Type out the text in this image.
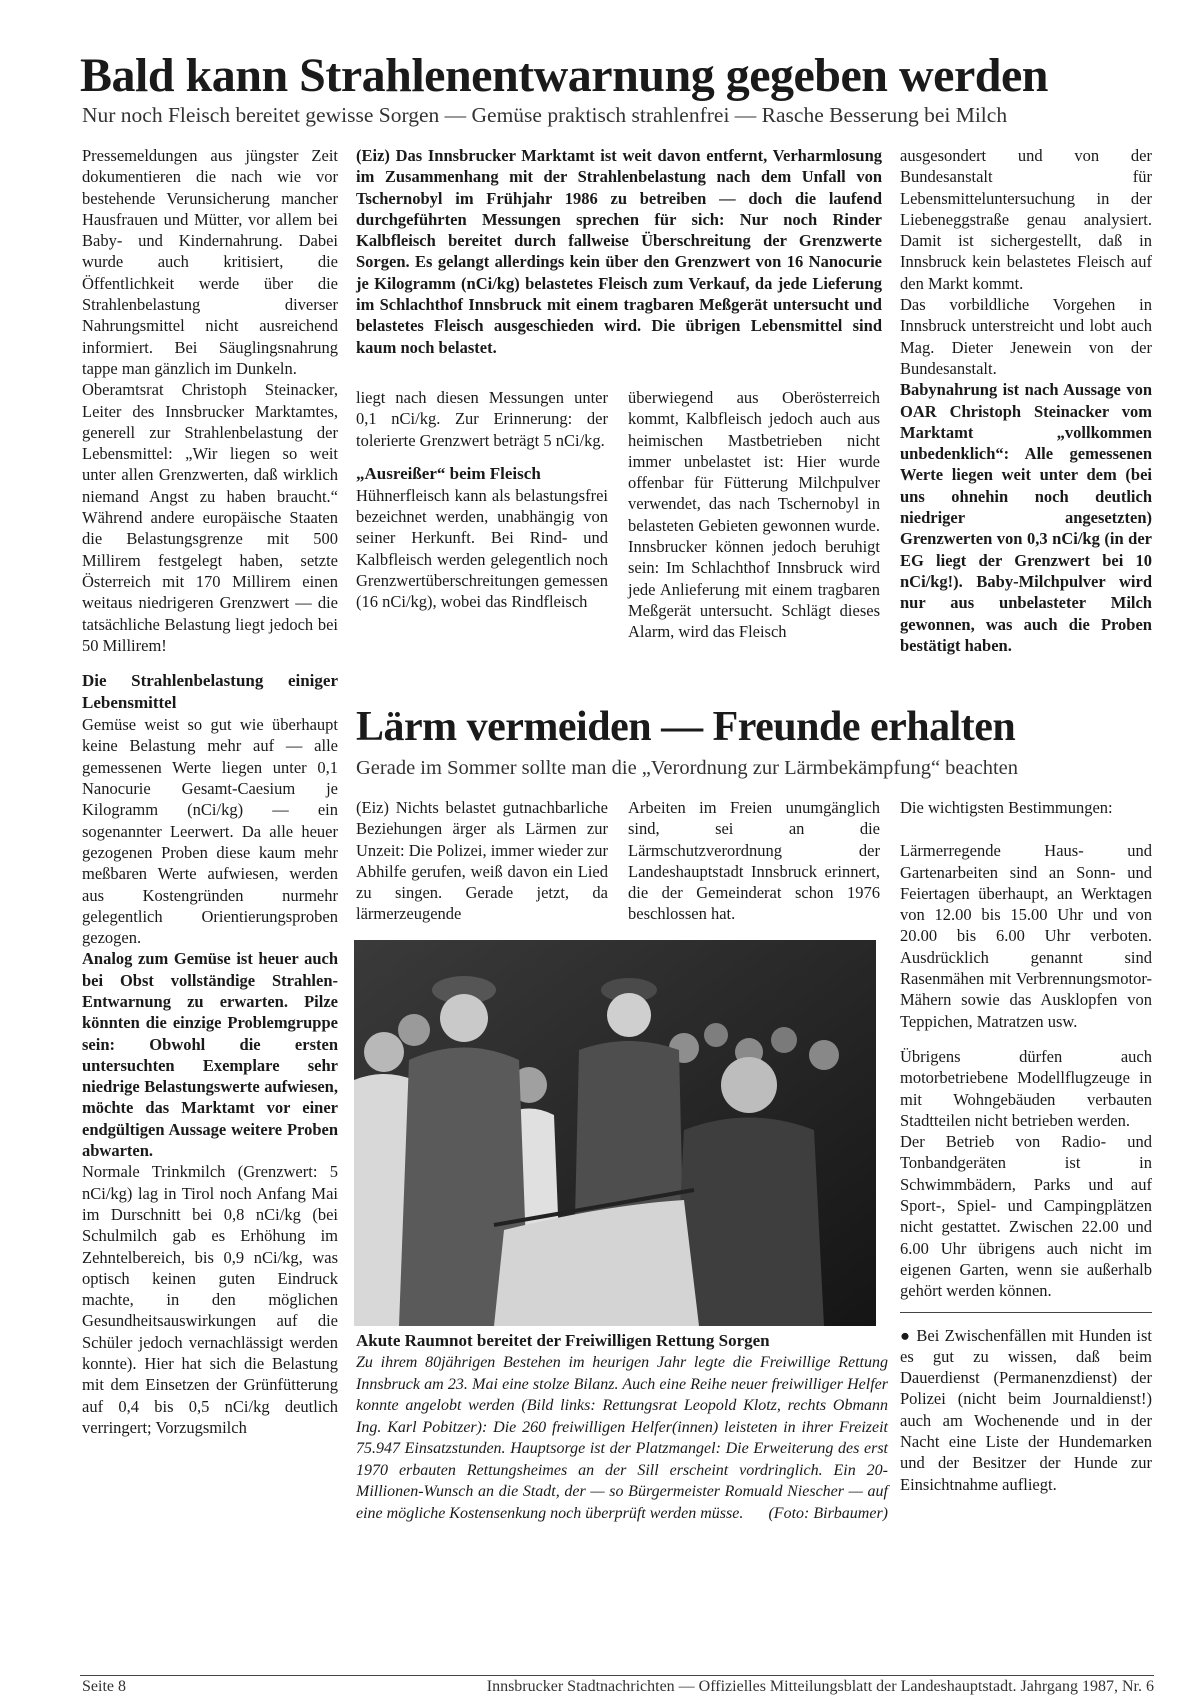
Bald kann Strahlenentwarnung gegeben werden
Nur noch Fleisch bereitet gewisse Sorgen — Gemüse praktisch strahlenfrei — Rasche Besserung bei Milch

Pressemeldungen aus jüngster Zeit dokumentieren die nach wie vor bestehende Verunsicherung mancher Hausfrauen und Mütter, vor allem bei Baby- und Kindernahrung. Dabei wurde auch kritisiert, die Öffentlichkeit werde über die Strahlenbelastung diverser Nahrungsmittel nicht ausreichend informiert. Bei Säuglingsnahrung tappe man gänzlich im Dunkeln.

Oberamtsrat Christoph Steinacker, Leiter des Innsbrucker Marktamtes, generell zur Strahlenbelastung der Lebensmittel: „Wir liegen so weit unter allen Grenzwerten, daß wirklich niemand Angst zu haben braucht.“ Während andere europäische Staaten die Belastungsgrenze mit 500 Millirem festgelegt haben, setzte Österreich mit 170 Millirem einen weitaus niedrigeren Grenzwert — die tatsächliche Belastung liegt jedoch bei 50 Millirem!

Die Strahlenbelastung einiger Lebensmittel

Gemüse weist so gut wie überhaupt keine Belastung mehr auf — alle gemessenen Werte liegen unter 0,1 Nanocurie Gesamt-Caesium je Kilogramm (nCi/kg) — ein sogenannter Leerwert. Da alle heuer gezogenen Proben diese kaum mehr meßbaren Werte aufwiesen, werden aus Kostengründen nurmehr gelegentlich Orientierungsproben gezogen.

Analog zum Gemüse ist heuer auch bei Obst vollständige Strahlen-Entwarnung zu erwarten. Pilze könnten die einzige Problemgruppe sein: Obwohl die ersten untersuchten Exemplare sehr niedrige Belastungswerte aufwiesen, möchte das Marktamt vor einer endgültigen Aussage weitere Proben abwarten.

Normale Trinkmilch (Grenzwert: 5 nCi/kg) lag in Tirol noch Anfang Mai im Durschnitt bei 0,8 nCi/kg (bei Schulmilch gab es Erhöhung im Zehntelbereich, bis 0,9 nCi/kg, was optisch keinen guten Eindruck machte, in den möglichen Gesundheitsauswirkungen auf die Schüler jedoch vernachlässigt werden konnte). Hier hat sich die Belastung mit dem Einsetzen der Grünfütterung auf 0,4 bis 0,5 nCi/kg deutlich verringert; Vorzugsmilch

(Eiz) Das Innsbrucker Marktamt ist weit davon entfernt, Verharmlosung im Zusammenhang mit der Strahlenbelastung nach dem Unfall von Tschernobyl im Frühjahr 1986 zu betreiben — doch die laufend durchgeführten Messungen sprechen für sich: Nur noch Rinder Kalbfleisch bereitet durch fallweise Überschreitung der Grenzwerte Sorgen. Es gelangt allerdings kein über den Grenzwert von 16 Nanocurie je Kilogramm (nCi/kg) belastetes Fleisch zum Verkauf, da jede Lieferung im Schlachthof Innsbruck mit einem tragbaren Meßgerät untersucht und belastetes Fleisch ausgeschieden wird. Die übrigen Lebensmittel sind kaum noch belastet.

liegt nach diesen Messungen unter 0,1 nCi/kg. Zur Erinnerung: der tolerierte Grenzwert beträgt 5 nCi/kg.

„Ausreißer“ beim Fleisch

Hühnerfleisch kann als belastungsfrei bezeichnet werden, unabhängig von seiner Herkunft. Bei Rind- und Kalbfleisch werden gelegentlich noch Grenzwertüberschreitungen gemessen (16 nCi/kg), wobei das Rindfleisch

überwiegend aus Oberösterreich kommt, Kalbfleisch jedoch auch aus heimischen Mastbetrieben nicht immer unbelastet ist: Hier wurde offenbar für Fütterung Milchpulver verwendet, das nach Tschernobyl in belasteten Gebieten gewonnen wurde. Innsbrucker können jedoch beruhigt sein: Im Schlachthof Innsbruck wird jede Anlieferung mit einem tragbaren Meßgerät untersucht. Schlägt dieses Alarm, wird das Fleisch

ausgesondert und von der Bundesanstalt für Lebensmitteluntersuchung in der Liebeneggstraße genau analysiert. Damit ist sichergestellt, daß in Innsbruck kein belastetes Fleisch auf den Markt kommt.

Das vorbildliche Vorgehen in Innsbruck unterstreicht und lobt auch Mag. Dieter Jenewein von der Bundesanstalt.

Babynahrung ist nach Aussage von OAR Christoph Steinacker vom Marktamt „vollkommen unbedenklich“: Alle gemessenen Werte liegen weit unter dem (bei uns ohnehin noch deutlich niedriger angesetzten) Grenzwerten von 0,3 nCi/kg (in der EG liegt der Grenzwert bei 10 nCi/kg!). Baby-Milchpulver wird nur aus unbelasteter Milch gewonnen, was auch die Proben bestätigt haben.

Lärm vermeiden — Freunde erhalten
Gerade im Sommer sollte man die „Verordnung zur Lärmbekämpfung“ beachten

(Eiz) Nichts belastet gutnachbarliche Beziehungen ärger als Lärmen zur Unzeit: Die Polizei, immer wieder zur Abhilfe gerufen, weiß davon ein Lied zu singen. Gerade jetzt, da lärmerzeugende

Arbeiten im Freien unumgänglich sind, sei an die Lärmschutzverordnung der Landeshauptstadt Innsbruck erinnert, die der Gemeinderat schon 1976 beschlossen hat.

Die wichtigsten Bestimmungen:

Lärmerregende Haus- und Gartenarbeiten sind an Sonn- und Feiertagen überhaupt, an Werktagen von 12.00 bis 15.00 Uhr und von 20.00 bis 6.00 Uhr verboten. Ausdrücklich genannt sind Rasenmähen mit Verbrennungsmotor-Mähern sowie das Ausklopfen von Teppichen, Matratzen usw.

Übrigens dürfen auch motorbetriebene Modellflugzeuge in mit Wohngebäuden verbauten Stadtteilen nicht betrieben werden.

Der Betrieb von Radio- und Tonbandgeräten ist in Schwimmbädern, Parks und auf Sport-, Spiel- und Campingplätzen nicht gestattet. Zwischen 22.00 und 6.00 Uhr übrigens auch nicht im eigenen Garten, wenn sie außerhalb gehört werden können.

● Bei Zwischenfällen mit Hunden ist es gut zu wissen, daß beim Dauerdienst (Permanenzdienst) der Polizei (nicht beim Journaldienst!) auch am Wochenende und in der Nacht eine Liste der Hundemarken und der Besitzer der Hunde zur Einsichtnahme aufliegt.

Akute Raumnot bereitet der Freiwilligen Rettung Sorgen
Zu ihrem 80jährigen Bestehen im heurigen Jahr legte die Freiwillige Rettung Innsbruck am 23. Mai eine stolze Bilanz. Auch eine Reihe neuer freiwilliger Helfer konnte angelobt werden (Bild links: Rettungsrat Leopold Klotz, rechts Obmann Ing. Karl Pobitzer): Die 260 freiwilligen Helfer(innen) leisteten in ihrer Freizeit 75.947 Einsatzstunden. Hauptsorge ist der Platzmangel: Die Erweiterung des erst 1970 erbauten Rettungsheimes an der Sill erscheint vordringlich. Ein 20-Millionen-Wunsch an die Stadt, der — so Bürgermeister Romuald Niescher — auf eine mögliche Kostensenkung noch überprüft werden müsse. (Foto: Birbaumer)
Seite 8	Innsbrucker Stadtnachrichten — Offizielles Mitteilungsblatt der Landeshauptstadt. Jahrgang 1987, Nr. 6
